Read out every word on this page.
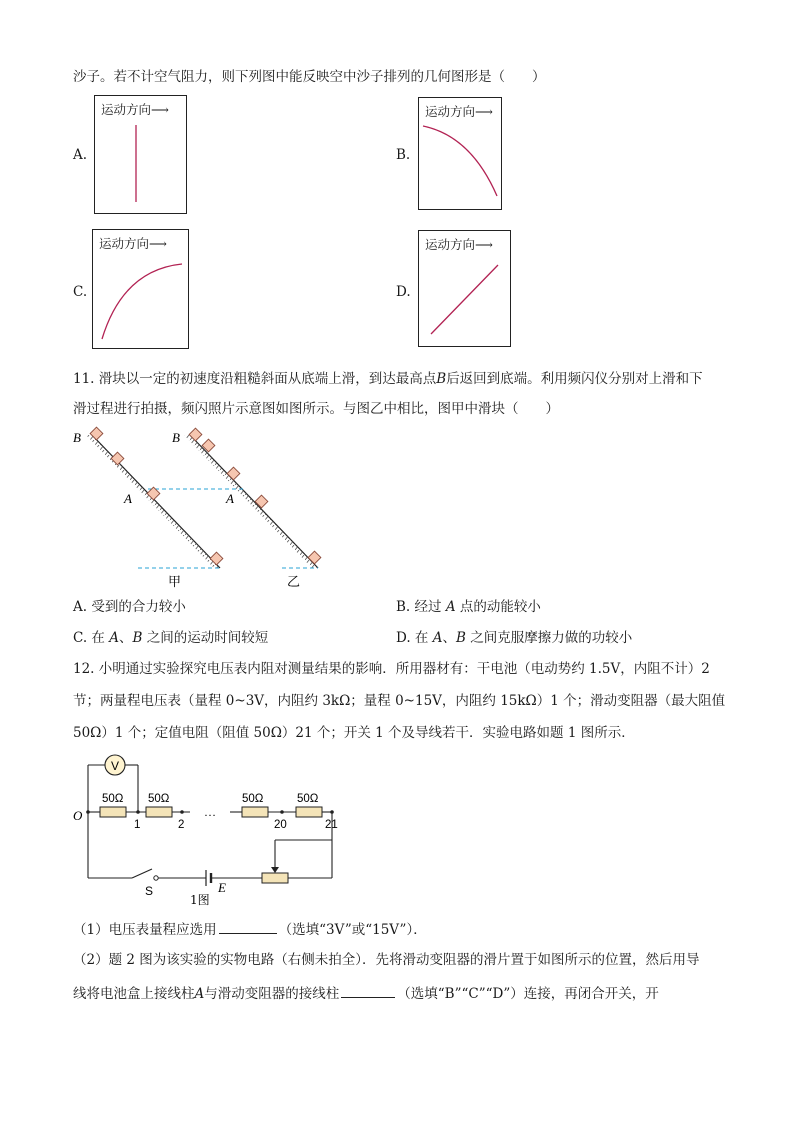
沙子。若不计空气阻力，则下列图中能反映空中沙子排列的几何图形是（　　）
A.
运动方向⟶
B.
运动方向⟶
C.
运动方向⟶
D.
运动方向⟶
11. 滑块以一定的初速度沿粗糙斜面从底端上滑，到达最高点B后返回到底端。利用频闪仪分别对上滑和下
滑过程进行拍摄，频闪照片示意图如图所示。与图乙中相比，图甲中滑块（　　）
B	B
A	A
甲	乙
A. 受到的合力较小	B. 经过 A 点的动能较小
C. 在 A、B 之间的运动时间较短	D. 在 A、B 之间克服摩擦力做的功较小
12. 小明通过实验探究电压表内阻对测量结果的影响．所用器材有：干电池（电动势约 1.5V，内阻不计）2
节；两量程电压表（量程 0~3V，内阻约 3kΩ；量程 0~15V，内阻约 15kΩ）1 个；滑动变阻器（最大阻值
50Ω）1 个；定值电阻（阻值 50Ω）21 个；开关 1 个及导线若干．实验电路如题 1 图所示．
V
…
50Ω 50Ω	50Ω	50Ω
O
1	2	20	21
S	E
1图
（1）电压表量程应选用	（选填“3V”或“15V”）．
（2）题 2 图为该实验的实物电路（右侧未拍全）．先将滑动变阻器的滑片置于如图所示的位置，然后用导
线将电池盒上接线柱A与滑动变阻器的接线柱	（选填“B”“C”“D”）连接，再闭合开关，开
